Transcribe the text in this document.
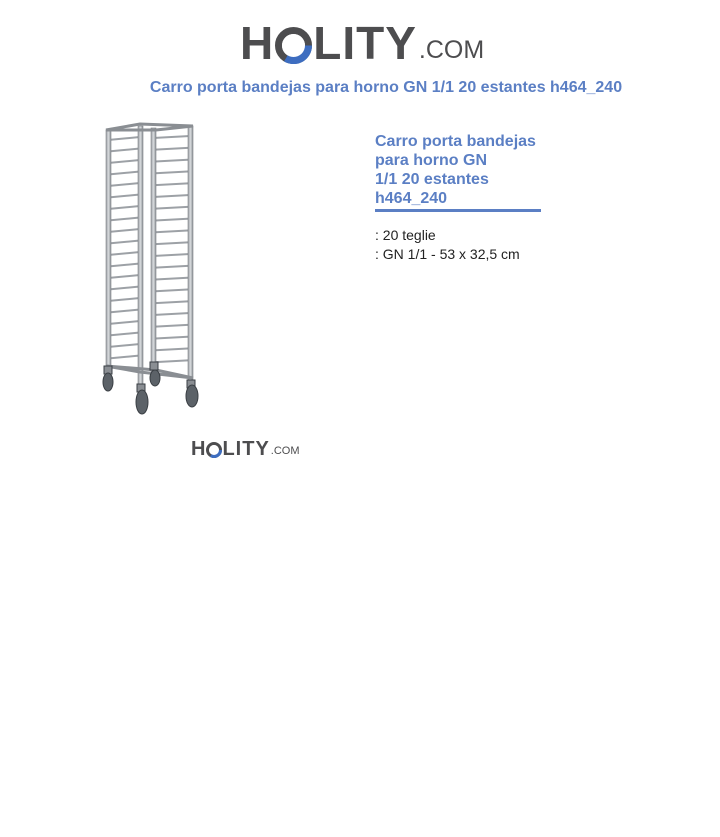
H LITY .COM
Carro porta bandejas para horno GN 1/1 20 estantes h464_240
H LITY .COM
Carro porta bandejas
para horno GN
1/1 20 estantes
h464_240
: 20 teglie
: GN 1/1 - 53 x 32,5 cm
